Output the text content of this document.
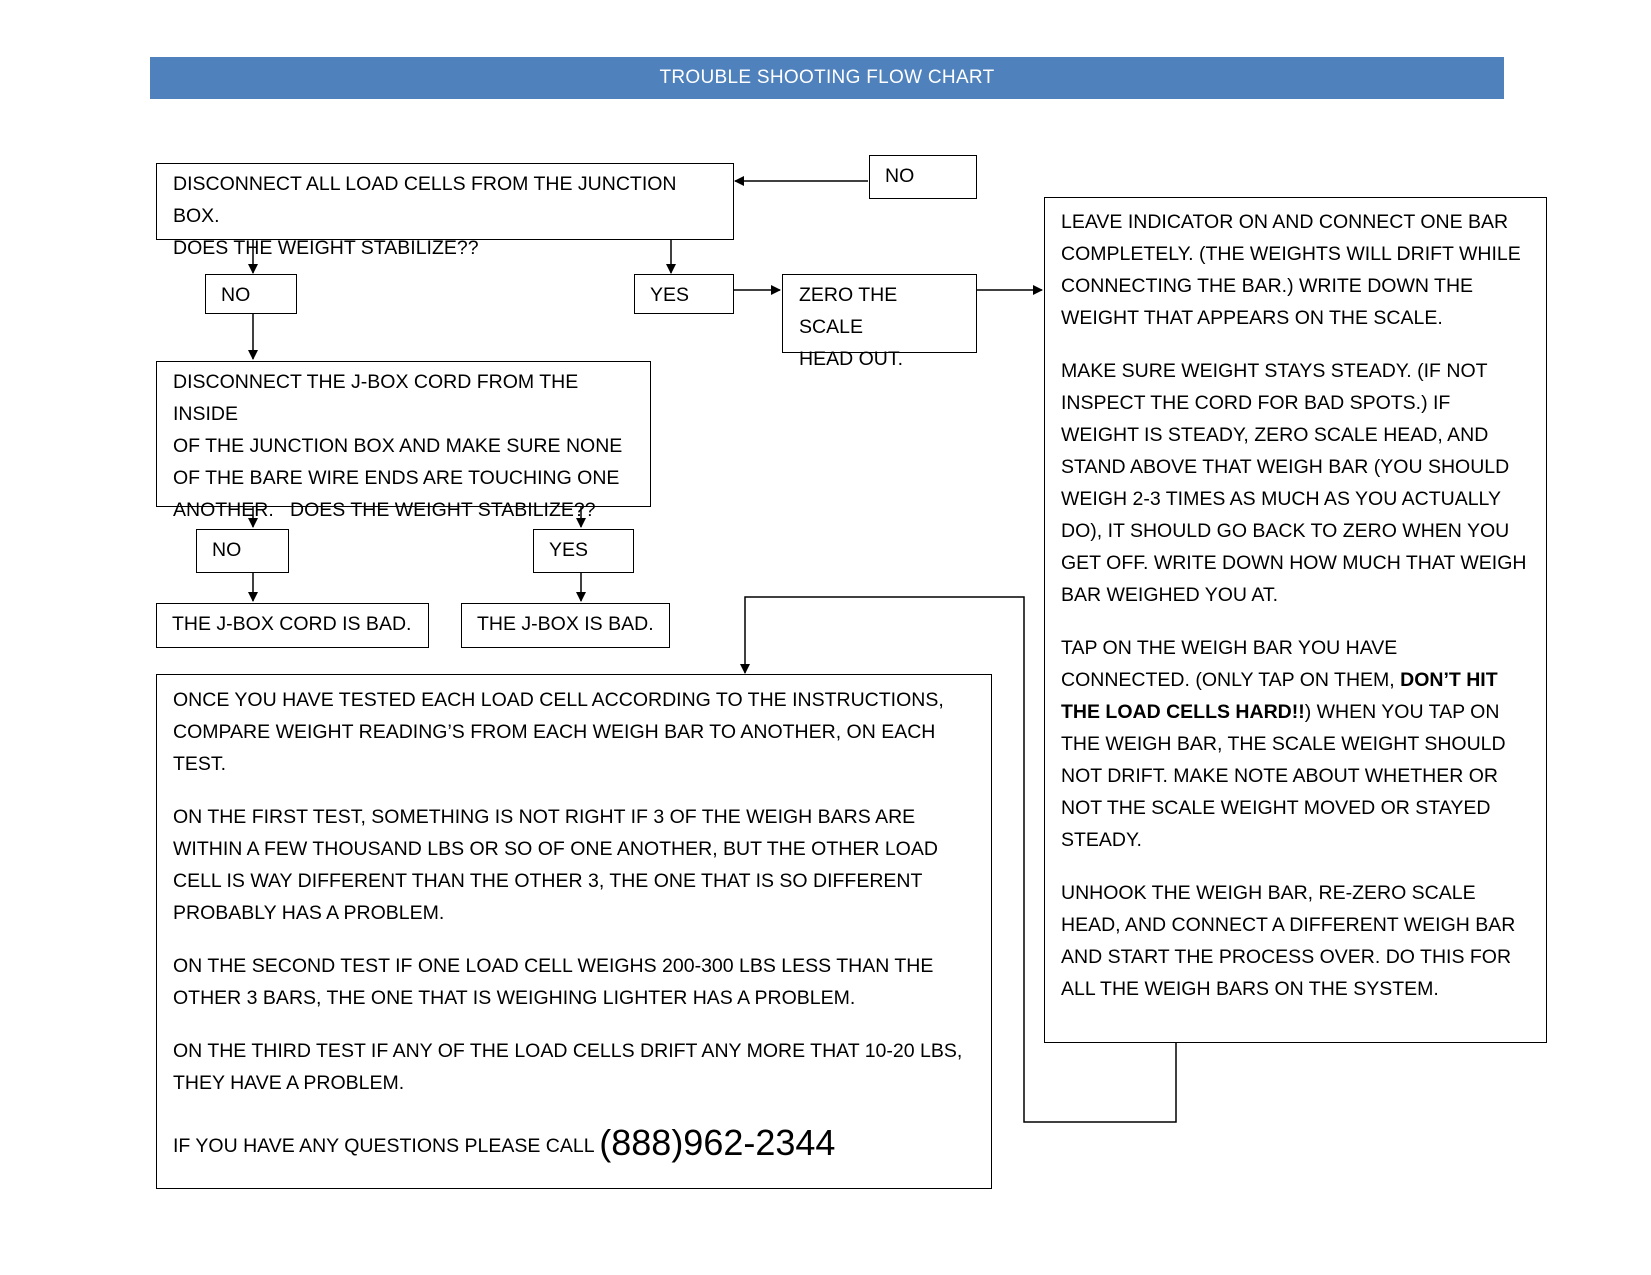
TROUBLE SHOOTING FLOW CHART
DISCONNECT ALL LOAD CELLS FROM THE JUNCTION BOX.
DOES THE WEIGHT STABILIZE??
NO
NO	YES	ZERO THE SCALE
HEAD OUT.
DISCONNECT THE J-BOX CORD FROM THE INSIDE
OF THE JUNCTION BOX AND MAKE SURE NONE
OF THE BARE WIRE ENDS ARE TOUCHING ONE
ANOTHER.   DOES THE WEIGHT STABILIZE??
NO	YES
THE J-BOX CORD IS BAD.	THE J-BOX IS BAD.

LEAVE INDICATOR ON AND CONNECT ONE BAR COMPLETELY. (THE WEIGHTS WILL DRIFT WHILE CONNECTING THE BAR.) WRITE DOWN THE WEIGHT THAT APPEARS ON THE SCALE.

MAKE SURE WEIGHT STAYS STEADY. (IF NOT INSPECT THE CORD FOR BAD SPOTS.) IF WEIGHT IS STEADY, ZERO SCALE HEAD, AND STAND ABOVE THAT WEIGH BAR (YOU SHOULD WEIGH 2-3 TIMES AS MUCH AS YOU ACTUALLY DO), IT SHOULD GO BACK TO ZERO WHEN YOU GET OFF. WRITE DOWN HOW MUCH THAT WEIGH BAR WEIGHED YOU AT.

TAP ON THE WEIGH BAR YOU HAVE CONNECTED. (ONLY TAP ON THEM, DON’T HIT THE LOAD CELLS HARD!!) WHEN YOU TAP ON THE WEIGH BAR, THE SCALE WEIGHT SHOULD NOT DRIFT. MAKE NOTE ABOUT WHETHER OR NOT THE SCALE WEIGHT MOVED OR STAYED STEADY.

UNHOOK THE WEIGH BAR, RE-ZERO SCALE HEAD, AND CONNECT A DIFFERENT WEIGH BAR AND START THE PROCESS OVER. DO THIS FOR ALL THE WEIGH BARS ON THE SYSTEM.

ONCE YOU HAVE TESTED EACH LOAD CELL ACCORDING TO THE INSTRUCTIONS, COMPARE WEIGHT READING’S FROM EACH WEIGH BAR TO ANOTHER, ON EACH TEST.

ON THE FIRST TEST, SOMETHING IS NOT RIGHT IF 3 OF THE WEIGH BARS ARE WITHIN A FEW THOUSAND LBS OR SO OF ONE ANOTHER, BUT THE OTHER LOAD CELL IS WAY DIFFERENT THAN THE OTHER 3, THE ONE THAT IS SO DIFFERENT PROBABLY HAS A PROBLEM.

ON THE SECOND TEST IF ONE LOAD CELL WEIGHS 200-300 LBS LESS THAN THE OTHER 3 BARS, THE ONE THAT IS WEIGHING LIGHTER HAS A PROBLEM.

ON THE THIRD TEST IF ANY OF THE LOAD CELLS DRIFT ANY MORE THAT 10-20 LBS, THEY HAVE A PROBLEM.

IF YOU HAVE ANY QUESTIONS PLEASE CALL (888)962-2344
